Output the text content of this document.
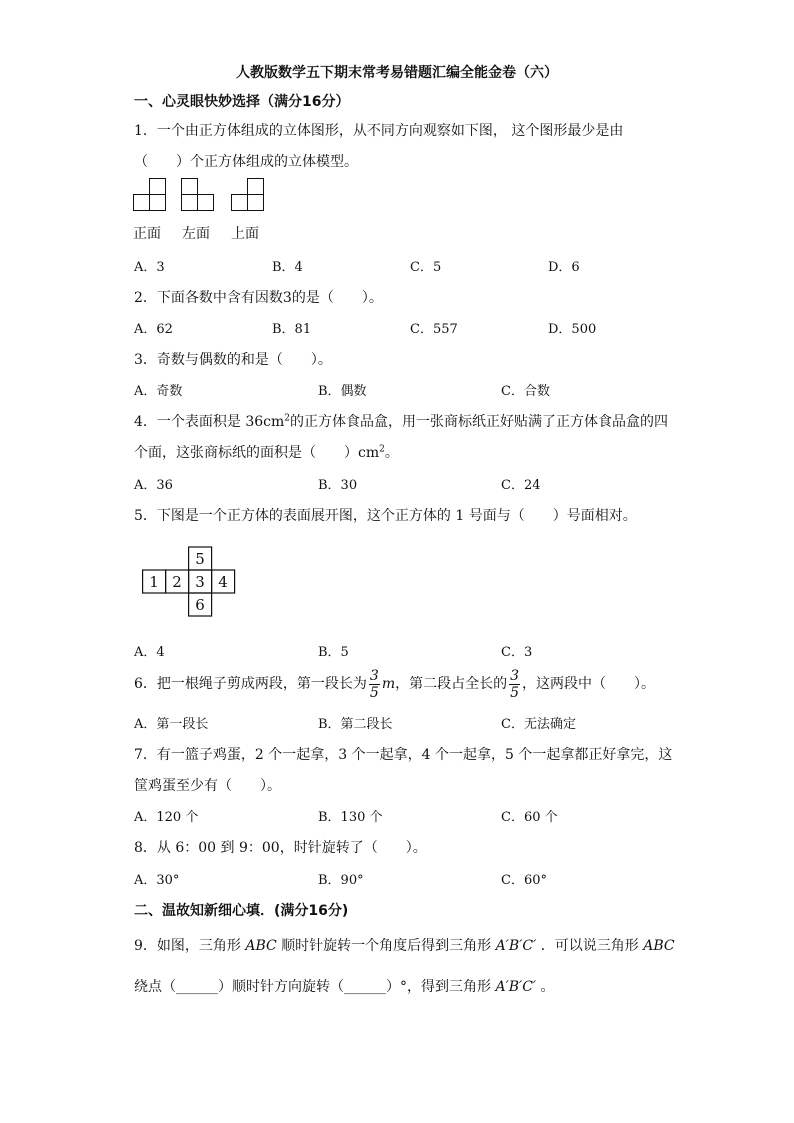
人教版数学五下期末常考易错题汇编全能金卷（六）
一、心灵眼快妙选择（满分16分）
1．一个由正方体组成的立体图形，从不同方向观察如下图， 这个图形最少是由
（　　）个正方体组成的立体模型。
正面 左面 上面
A．3	B．4	C．5	D．6
2．下面各数中含有因数3的是（　　）。
A．62	B．81	C．557	D．500
3．奇数与偶数的和是（　　）。
A．奇数	B．偶数	C．合数
4．一个表面积是 $36cm^2$的正方体食品盒，用一张商标纸正好贴满了正方体食品盒的四
个面，这张商标纸的面积是（　　）$cm^2$。
A．36	B．30	C．24
5．下图是一个正方体的表面展开图，这个正方体的 1 号面与（　　）号面相对。
5
1 2 3 4
6
A．4	B．5	C．3
6．把一根绳子剪成两段，第一段长为 $\frac{3}{5}$ m，第二段占全长的 $\frac{3}{5}$ ，这两段中（　　）。
A．第一段长	B．第二段长	C．无法确定
7．有一篮子鸡蛋，2 个一起拿，3 个一起拿，4 个一起拿，5 个一起拿都正好拿完，这
筐鸡蛋至少有（　　）。
A．120 个	B．130 个	C．60 个
8．从 6：00 到 9：00，时针旋转了（　　）。
A．30°	B．90°	C．60°
二、温故知新细心填．(满分16分)
9．如图，三角形 ABC 顺时针旋转一个角度后得到三角形 A′B′C′ ．可以说三角形 ABC
绕点（______）顺时针方向旋转（______）°，得到三角形 A′B′C′ 。
